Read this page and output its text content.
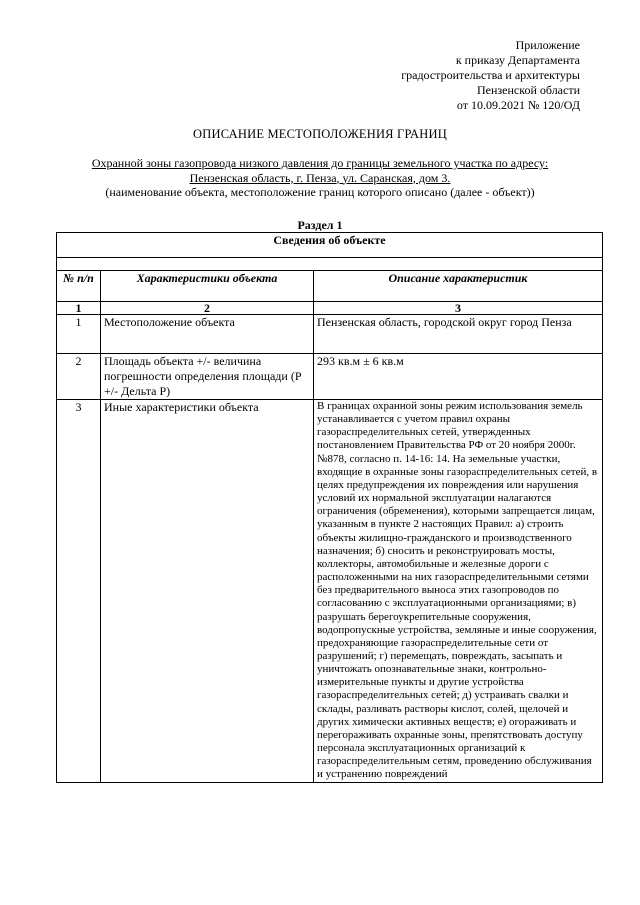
Приложение
к приказу Департамента
градостроительства и архитектуры
Пензенской области
от 10.09.2021 № 120/ОД
ОПИСАНИЕ МЕСТОПОЛОЖЕНИЯ ГРАНИЦ
Охранной зоны газопровода низкого давления до границы земельного участка по адресу:
Пензенская область, г. Пенза, ул. Саранская, дом 3.
(наименование объекта, местоположение границ которого описано (далее - объект))
Раздел 1
Сведения об объекте		

№ п/п	Характеристики объекта	Описание характеристик
1	2	3
1	Местоположение объекта	Пензенская область, городской округ город Пенза
2	Площадь объекта +/- величина погрешности определения площади (Р +/- Дельта Р)	293 кв.м ± 6 кв.м
3	Иные характеристики объекта	В границах охранной зоны режим использования земель устанавливается с учетом правил охраны газораспределительных сетей, утвержденных постановлением Правительства РФ от 20 ноября 2000г. №878, согласно п. 14-16: 14. На земельные участки, входящие в охранные зоны газораспределительных сетей, в целях предупреждения их повреждения или нарушения условий их нормальной эксплуатации налагаются ограничения (обременения), которыми запрещается лицам, указанным в пункте 2 настоящих Правил: а) строить объекты жилищно-гражданского и производственного назначения; б) сносить и реконструировать мосты, коллекторы, автомобильные и железные дороги с расположенными на них газораспределительными сетями без предварительного выноса этих газопроводов по согласованию с эксплуатационными организациями; в) разрушать берегоукрепительные сооружения, водопропускные устройства, земляные и иные сооружения, предохраняющие газораспределительные сети от разрушений; г) перемещать, повреждать, засыпать и уничтожать опознавательные знаки, контрольно-измерительные пункты и другие устройства газораспределительных сетей; д) устраивать свалки и склады, разливать растворы кислот, солей, щелочей и других химически активных веществ; е) огораживать и перегораживать охранные зоны, препятствовать доступу персонала эксплуатационных организаций к газораспределительным сетям, проведению обслуживания и устранению повреждений
